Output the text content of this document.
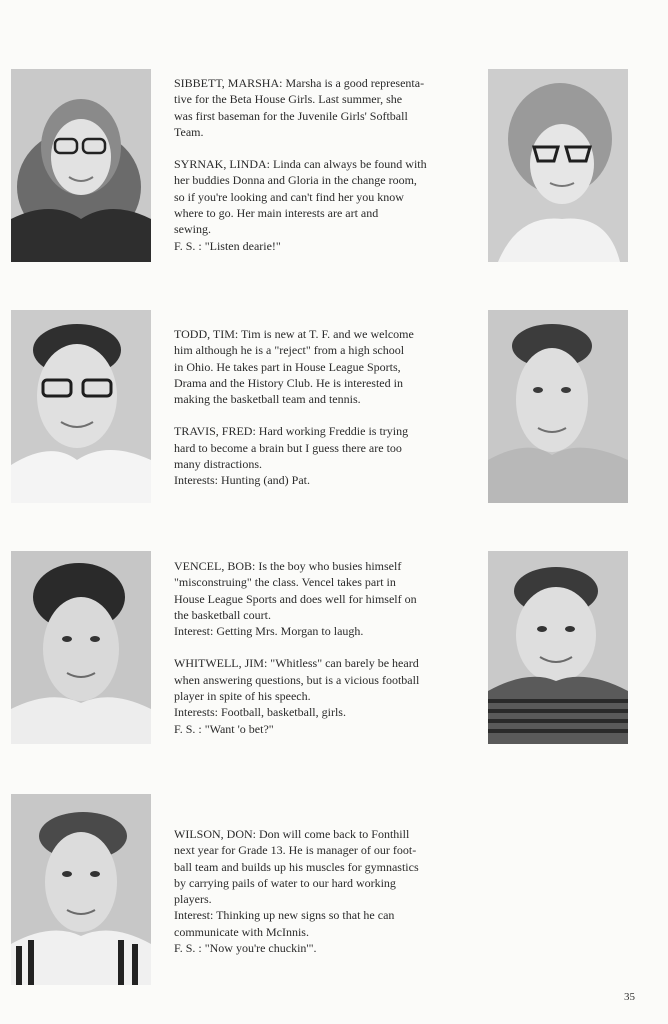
SIBBETT, MARSHA: Marsha is a good representa-
tive for the Beta House Girls. Last summer, she
was first baseman for the Juvenile Girls' Softball
Team.
SYRNAK, LINDA: Linda can always be found with
her buddies Donna and Gloria in the change room,
so if you're looking and can't find her you know
where to go. Her main interests are art and
sewing.
F. S. : "Listen dearie!"
TODD, TIM: Tim is new at T. F. and we welcome
him although he is a "reject" from a high school
in Ohio. He takes part in House League Sports,
Drama and the History Club. He is interested in
making the basketball team and tennis.
TRAVIS, FRED: Hard working Freddie is trying
hard to become a brain but I guess there are too
many distractions.
Interests: Hunting (and) Pat.
VENCEL, BOB: Is the boy who busies himself
"misconstruing" the class. Vencel takes part in
House League Sports and does well for himself on
the basketball court.
Interest: Getting Mrs. Morgan to laugh.
WHITWELL, JIM: "Whitless" can barely be heard
when answering questions, but is a vicious football
player in spite of his speech.
Interests: Football, basketball, girls.
F. S. : "Want 'o bet?"
WILSON, DON: Don will come back to Fonthill
next year for Grade 13. He is manager of our foot-
ball team and builds up his muscles for gymnastics
by carrying pails of water to our hard working
players.
Interest: Thinking up new signs so that he can
communicate with McInnis.
F. S. : "Now you're chuckin'".
35
